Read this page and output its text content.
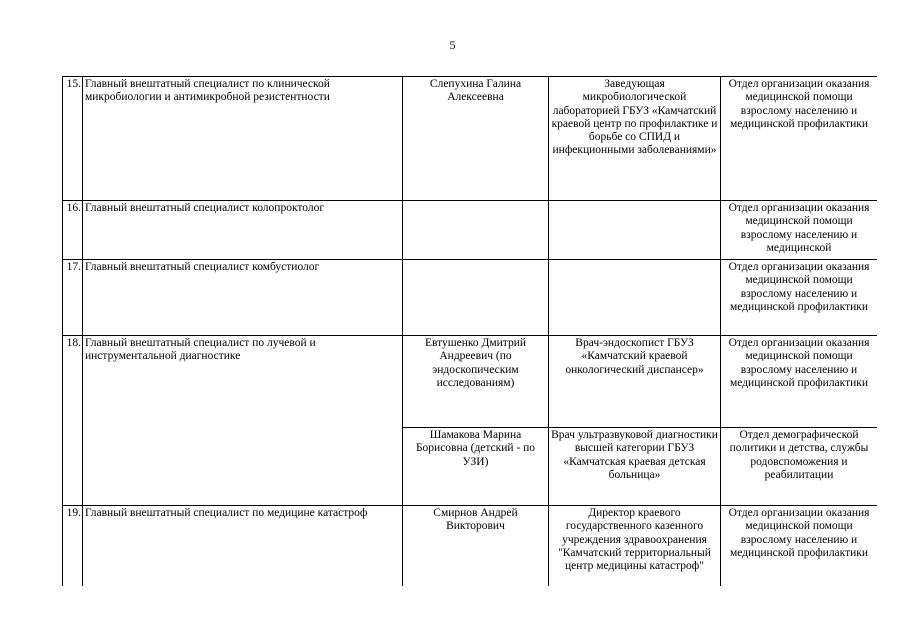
5
15.	Главный внештатный специалист по клинической микробиологии и антимикробной резистентности	Слепухина Галина Алексеевна	Заведующая микробиологической лабораторией ГБУЗ «Камчатский краевой центр по профилактике и борьбе со СПИД и инфекционными заболеваниями»	Отдел организации оказания медицинской помощи взрослому населению и медицинской профилактики
16.	Главный внештатный специалист колопроктолог			Отдел организации оказания медицинской помощи взрослому населению и медицинской
17.	Главный внештатный специалист комбустиолог			Отдел организации оказания медицинской помощи взрослому населению и медицинской профилактики
18.	Главный внештатный специалист по лучевой и инструментальной диагностике	Евтушенко Дмитрий Андреевич (по эндоскопическим исследованиям)	Врач-эндоскопист ГБУЗ «Камчатский краевой онкологический диспансер»	Отдел организации оказания медицинской помощи взрослому населению и медицинской профилактики
		Шамакова Марина Борисовна (детский - по УЗИ)	Врач ультразвуковой диагностики высшей категории ГБУЗ «Камчатская краевая детская больница»	Отдел демографической политики и детства, службы родовспоможения и реабилитации
19.	Главный внештатный специалист по медицине катастроф	Смирнов Андрей Викторович	Директор краевого государственного казенного учреждения здравоохранения "Камчатский территориальный центр медицины катастроф"	Отдел организации оказания медицинской помощи взрослому населению и медицинской профилактики
